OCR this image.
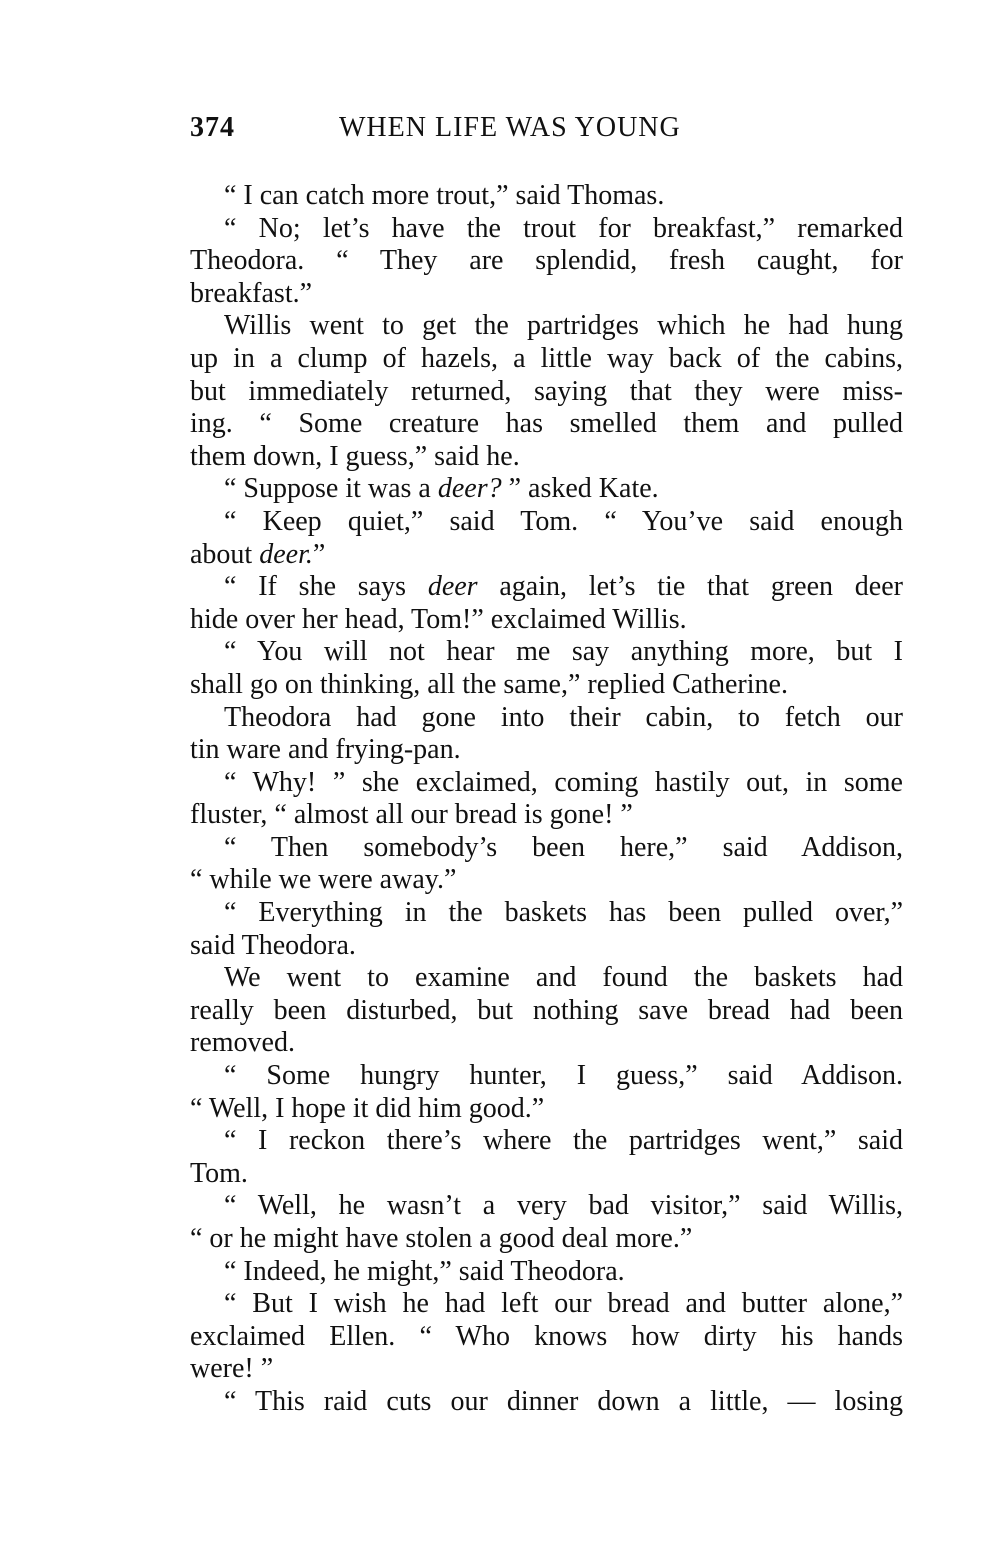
374	WHEN LIFE WAS YOUNG
“ I can catch more trout,” said Thomas.
“ No; let’s have the trout for breakfast,” remarked
Theodora. “ They are splendid, fresh caught, for
breakfast.”
Willis went to get the partridges which he had hung
up in a clump of hazels, a little way back of the cabins,
but immediately returned, saying that they were miss-
ing. “ Some creature has smelled them and pulled
them down, I guess,” said he.
“ Suppose it was a deer? ” asked Kate.
“ Keep quiet,” said Tom. “ You’ve said enough
about deer.”
“ If she says deer again, let’s tie that green deer
hide over her head, Tom!” exclaimed Willis.
“ You will not hear me say anything more, but I
shall go on thinking, all the same,” replied Catherine.
Theodora had gone into their cabin, to fetch our
tin ware and frying-pan.
“ Why! ” she exclaimed, coming hastily out, in some
fluster, “ almost all our bread is gone! ”
“ Then somebody’s been here,” said Addison,
“ while we were away.”
“ Everything in the baskets has been pulled over,”
said Theodora.
We went to examine and found the baskets had
really been disturbed, but nothing save bread had been
removed.
“ Some hungry hunter, I guess,” said Addison.
“ Well, I hope it did him good.”
“ I reckon there’s where the partridges went,” said
Tom.
“ Well, he wasn’t a very bad visitor,” said Willis,
“ or he might have stolen a good deal more.”
“ Indeed, he might,” said Theodora.
“ But I wish he had left our bread and butter alone,”
exclaimed Ellen. “ Who knows how dirty his hands
were! ”
“ This raid cuts our dinner down a little, — losing
